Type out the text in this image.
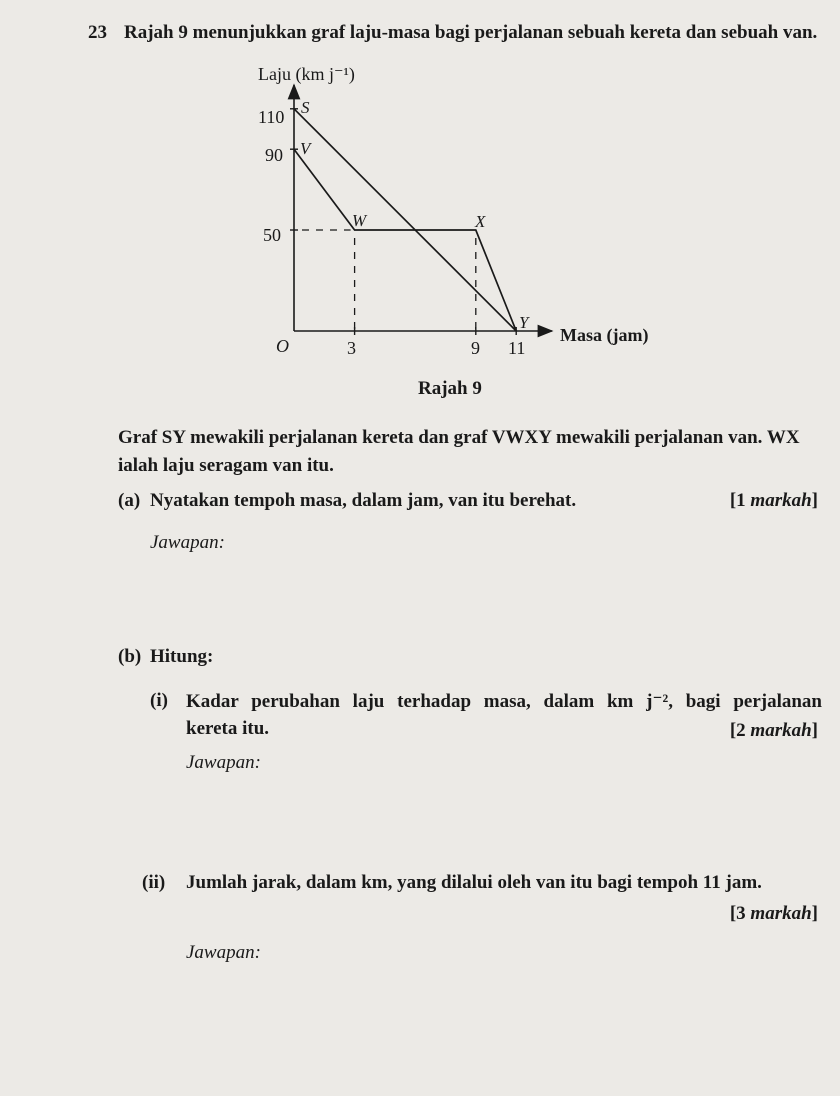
23 Rajah 9 menunjukkan graf laju-masa bagi perjalanan sebuah kereta dan sebuah van.
Laju (km j⁻¹)
Masa (jam)
O
110
90
50
3	9 11
S
V
W	X
Y
Rajah 9
Graf SY mewakili perjalanan kereta dan graf VWXY mewakili perjalanan van. WX ialah laju seragam van itu.
(a) Nyatakan tempoh masa, dalam jam, van itu berehat.	[1 markah]
Jawapan:
(b) Hitung:
(i) Kadar perubahan laju terhadap masa, dalam km j⁻², bagi perjalanan
kereta itu.	[2 markah]
Jawapan:
(ii) Jumlah jarak, dalam km, yang dilalui oleh van itu bagi tempoh 11 jam.
[3 markah]
Jawapan:
